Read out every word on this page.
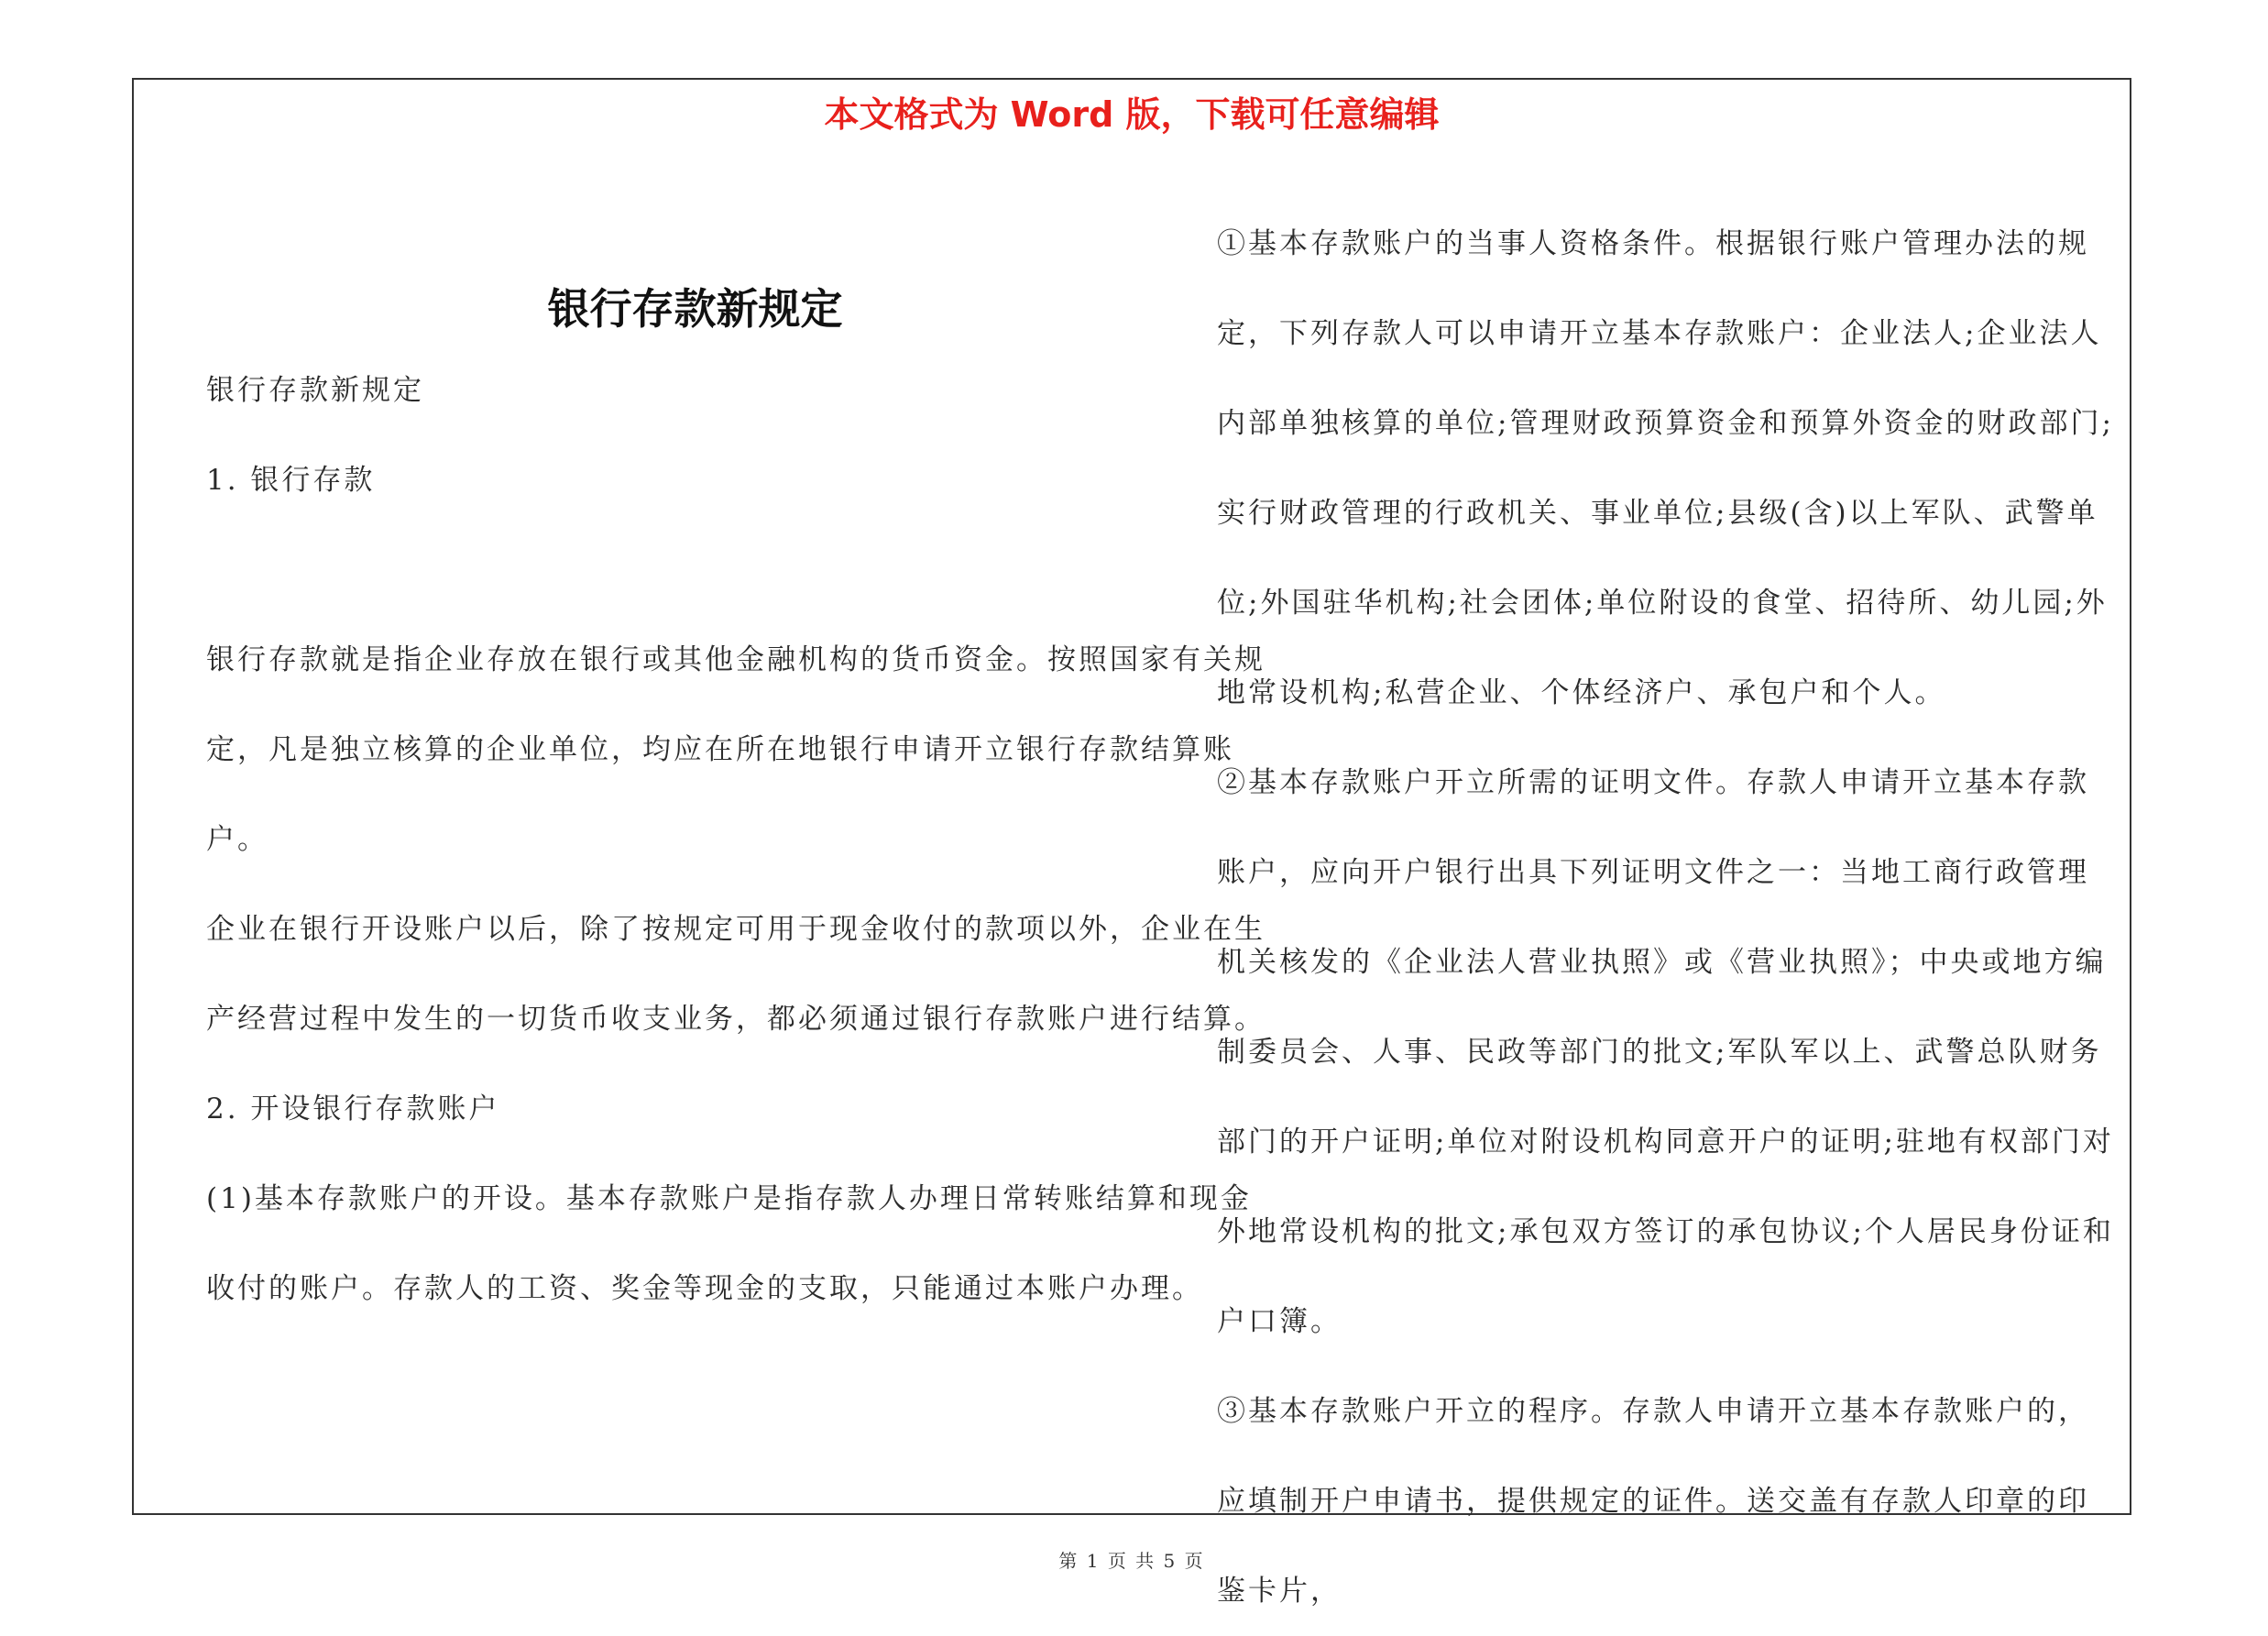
本文格式为 Word 版，下载可任意编辑
银行存款新规定

银行存款新规定

1. 银行存款

银行存款就是指企业存放在银行或其他金融机构的货币资金。按照国家有关规定，凡是独立核算的企业单位，均应在所在地银行申请开立银行存款结算账户。

企业在银行开设账户以后，除了按规定可用于现金收付的款项以外，企业在生产经营过程中发生的一切货币收支业务，都必须通过银行存款账户进行结算。

2. 开设银行存款账户

(1)基本存款账户的开设。基本存款账户是指存款人办理日常转账结算和现金收付的账户。存款人的工资、奖金等现金的支取，只能通过本账户办理。

①基本存款账户的当事人资格条件。根据银行账户管理办法的规定，下列存款人可以申请开立基本存款账户：企业法人;企业法人内部单独核算的单位;管理财政预算资金和预算外资金的财政部门;实行财政管理的行政机关、事业单位;县级(含)以上军队、武警单位;外国驻华机构;社会团体;单位附设的食堂、招待所、幼儿园;外地常设机构;私营企业、个体经济户、承包户和个人。

②基本存款账户开立所需的证明文件。存款人申请开立基本存款账户，应向开户银行出具下列证明文件之一：当地工商行政管理机关核发的《企业法人营业执照》或《营业执照》；中央或地方编制委员会、人事、民政等部门的批文;军队军以上、武警总队财务部门的开户证明;单位对附设机构同意开户的证明;驻地有权部门对外地常设机构的批文;承包双方签订的承包协议;个人居民身份证和户口簿。

③基本存款账户开立的程序。存款人申请开立基本存款账户的，应填制开户申请书，提供规定的证件。送交盖有存款人印章的印鉴卡片，

第 1 页 共 5 页
